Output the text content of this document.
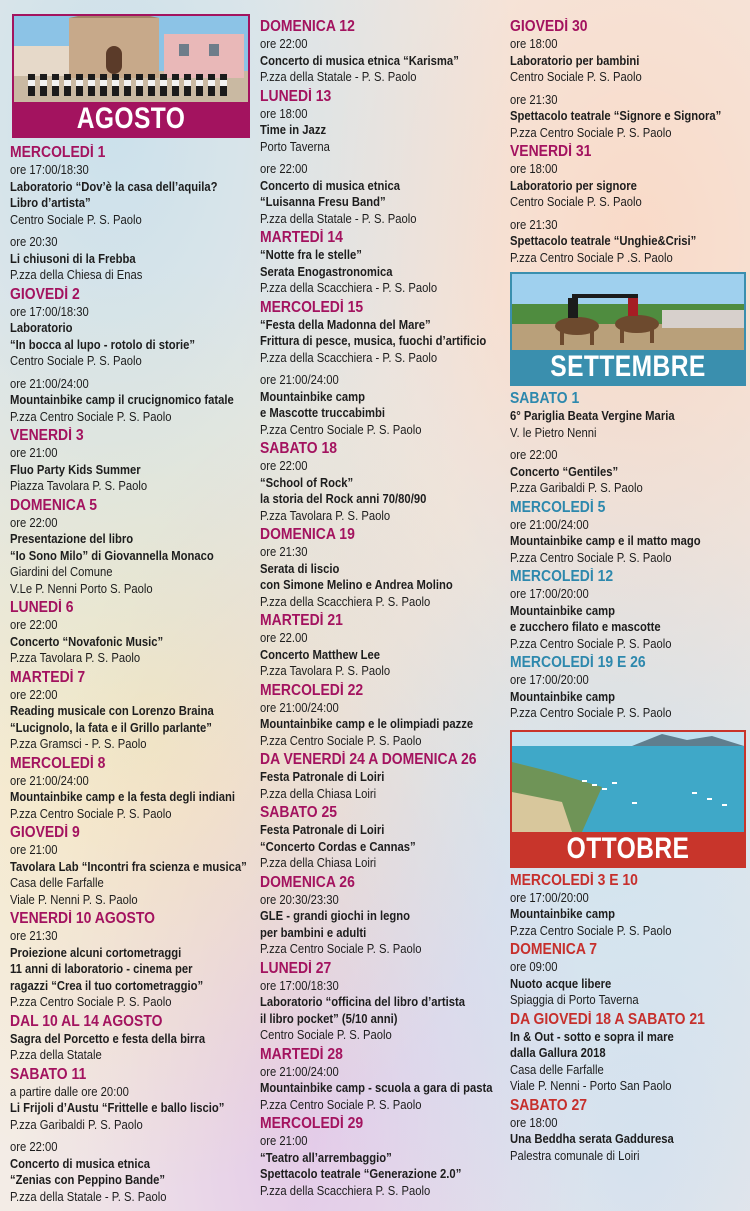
AGOSTO
MERCOLEDÌ 1
ore 17:00/18:30
Laboratorio “Dov’è la casa dell’aquila?
Libro d’artista”
Centro Sociale P. S. Paolo
ore 20:30
Li chiusoni di la Frebba
P.zza della Chiesa di Enas
GIOVEDÌ 2
ore 17:00/18:30
Laboratorio
“In bocca al lupo - rotolo di storie”
Centro Sociale P. S. Paolo
ore 21:00/24:00
Mountainbike camp il crucignomico fatale
P.zza Centro Sociale P. S. Paolo
VENERDÌ 3
ore 21:00
Fluo Party Kids Summer
Piazza Tavolara P. S. Paolo
DOMENICA 5
ore 22:00
Presentazione del libro
“Io Sono Milo” di Giovannella Monaco
Giardini del Comune
V.Le P. Nenni Porto S. Paolo
LUNEDÌ 6
ore 22:00
Concerto “Novafonic Music”
P.zza Tavolara P. S. Paolo
MARTEDÌ 7
ore 22:00
Reading musicale con Lorenzo Braina
“Lucignolo, la fata e il Grillo parlante”
P.zza Gramsci - P. S. Paolo
MERCOLEDÌ 8
ore 21:00/24:00
Mountainbike camp e la festa degli indiani
P.zza Centro Sociale P. S. Paolo
GIOVEDÌ 9
ore 21:00
Tavolara Lab “Incontri fra scienza e musica”
Casa delle Farfalle
Viale P. Nenni P. S. Paolo
VENERDÌ 10 AGOSTO
ore 21:30
Proiezione alcuni cortometraggi
11 anni di laboratorio - cinema per
ragazzi “Crea il tuo cortometraggio”
P.zza Centro Sociale P. S. Paolo
DAL 10 AL 14 AGOSTO
Sagra del Porcetto e festa della birra
P.zza della Statale
SABATO 11
a partire dalle ore 20:00
Li Frijoli d’Austu “Frittelle e ballo liscio”
P.zza Garibaldi P. S. Paolo
ore 22:00
Concerto di musica etnica
“Zenias con Peppino Bande”
P.zza della Statale - P. S. Paolo
DOMENICA 12
ore 22:00
Concerto di musica etnica “Karisma”
P.zza della Statale - P. S. Paolo
LUNEDÌ 13
ore 18:00
Time in Jazz
Porto Taverna
ore 22:00
Concerto di musica etnica
“Luisanna Fresu Band”
P.zza della Statale - P. S. Paolo
MARTEDÌ 14
“Notte fra le stelle”
Serata Enogastronomica
P.zza della Scacchiera - P. S. Paolo
MERCOLEDÌ 15
“Festa della Madonna del Mare”
Frittura di pesce, musica, fuochi d’artificio
P.zza della Scacchiera - P. S. Paolo
ore 21:00/24:00
Mountainbike camp
e Mascotte truccabimbi
P.zza Centro Sociale P. S. Paolo
SABATO 18
ore 22:00
“School of Rock”
la storia del Rock anni 70/80/90
P.zza Tavolara P. S. Paolo
DOMENICA 19
ore 21:30
Serata di liscio
con Simone Melino e Andrea Molino
P.zza della Scacchiera P. S. Paolo
MARTEDÌ 21
ore 22.00
Concerto Matthew Lee
P.zza Tavolara P. S. Paolo
MERCOLEDÌ 22
ore 21:00/24:00
Mountainbike camp e le olimpiadi pazze
P.zza Centro Sociale P. S. Paolo
DA VENERDÌ 24 A DOMENICA 26
Festa Patronale di Loiri
P.zza della Chiasa Loiri
SABATO 25
Festa Patronale di Loiri
“Concerto Cordas e Cannas”
P.zza della Chiasa Loiri
DOMENICA 26
ore 20:30/23:30
GLE - grandi giochi in legno
per bambini e adulti
P.zza Centro Sociale P. S. Paolo
LUNEDÌ 27
ore 17:00/18:30
Laboratorio “officina del libro d’artista
il libro pocket” (5/10 anni)
Centro Sociale P. S. Paolo
MARTEDÌ 28
ore 21:00/24:00
Mountainbike camp - scuola a gara di pasta
P.zza Centro Sociale P. S. Paolo
MERCOLEDÌ 29
ore 21:00
“Teatro all’arrembaggio”
Spettacolo teatrale “Generazione 2.0”
P.zza della Scacchiera P. S. Paolo
GIOVEDÌ 30
ore 18:00
Laboratorio per bambini
Centro Sociale P. S. Paolo
ore 21:30
Spettacolo teatrale “Signore e Signora”
P.zza Centro Sociale P. S. Paolo
VENERDÌ 31
ore 18:00
Laboratorio per signore
Centro Sociale P. S. Paolo
ore 21:30
Spettacolo teatrale “Unghie&Crisi”
P.zza Centro Sociale P .S. Paolo
SETTEMBRE
SABATO 1
6° Pariglia Beata Vergine Maria
V. le Pietro Nenni
ore 22:00
Concerto “Gentiles”
P.zza Garibaldi P. S. Paolo
MERCOLEDÌ 5
ore 21:00/24:00
Mountainbike camp e il matto mago
P.zza Centro Sociale P. S. Paolo
MERCOLEDÌ 12
ore 17:00/20:00
Mountainbike camp
e zucchero filato e mascotte
P.zza Centro Sociale P. S. Paolo
MERCOLEDÌ 19 E 26
ore 17:00/20:00
Mountainbike camp
P.zza Centro Sociale P. S. Paolo
OTTOBRE
MERCOLEDÌ 3 E 10
ore 17:00/20:00
Mountainbike camp
P.zza Centro Sociale P. S. Paolo
DOMENICA 7
ore 09:00
Nuoto acque libere
Spiaggia di Porto Taverna
DA GIOVEDÌ 18 A SABATO 21
In & Out - sotto e sopra il mare
dalla Gallura 2018
Casa delle Farfalle
Viale P. Nenni - Porto San Paolo
SABATO 27
ore 18:00
Una Beddha serata Gadduresa
Palestra comunale di Loiri
